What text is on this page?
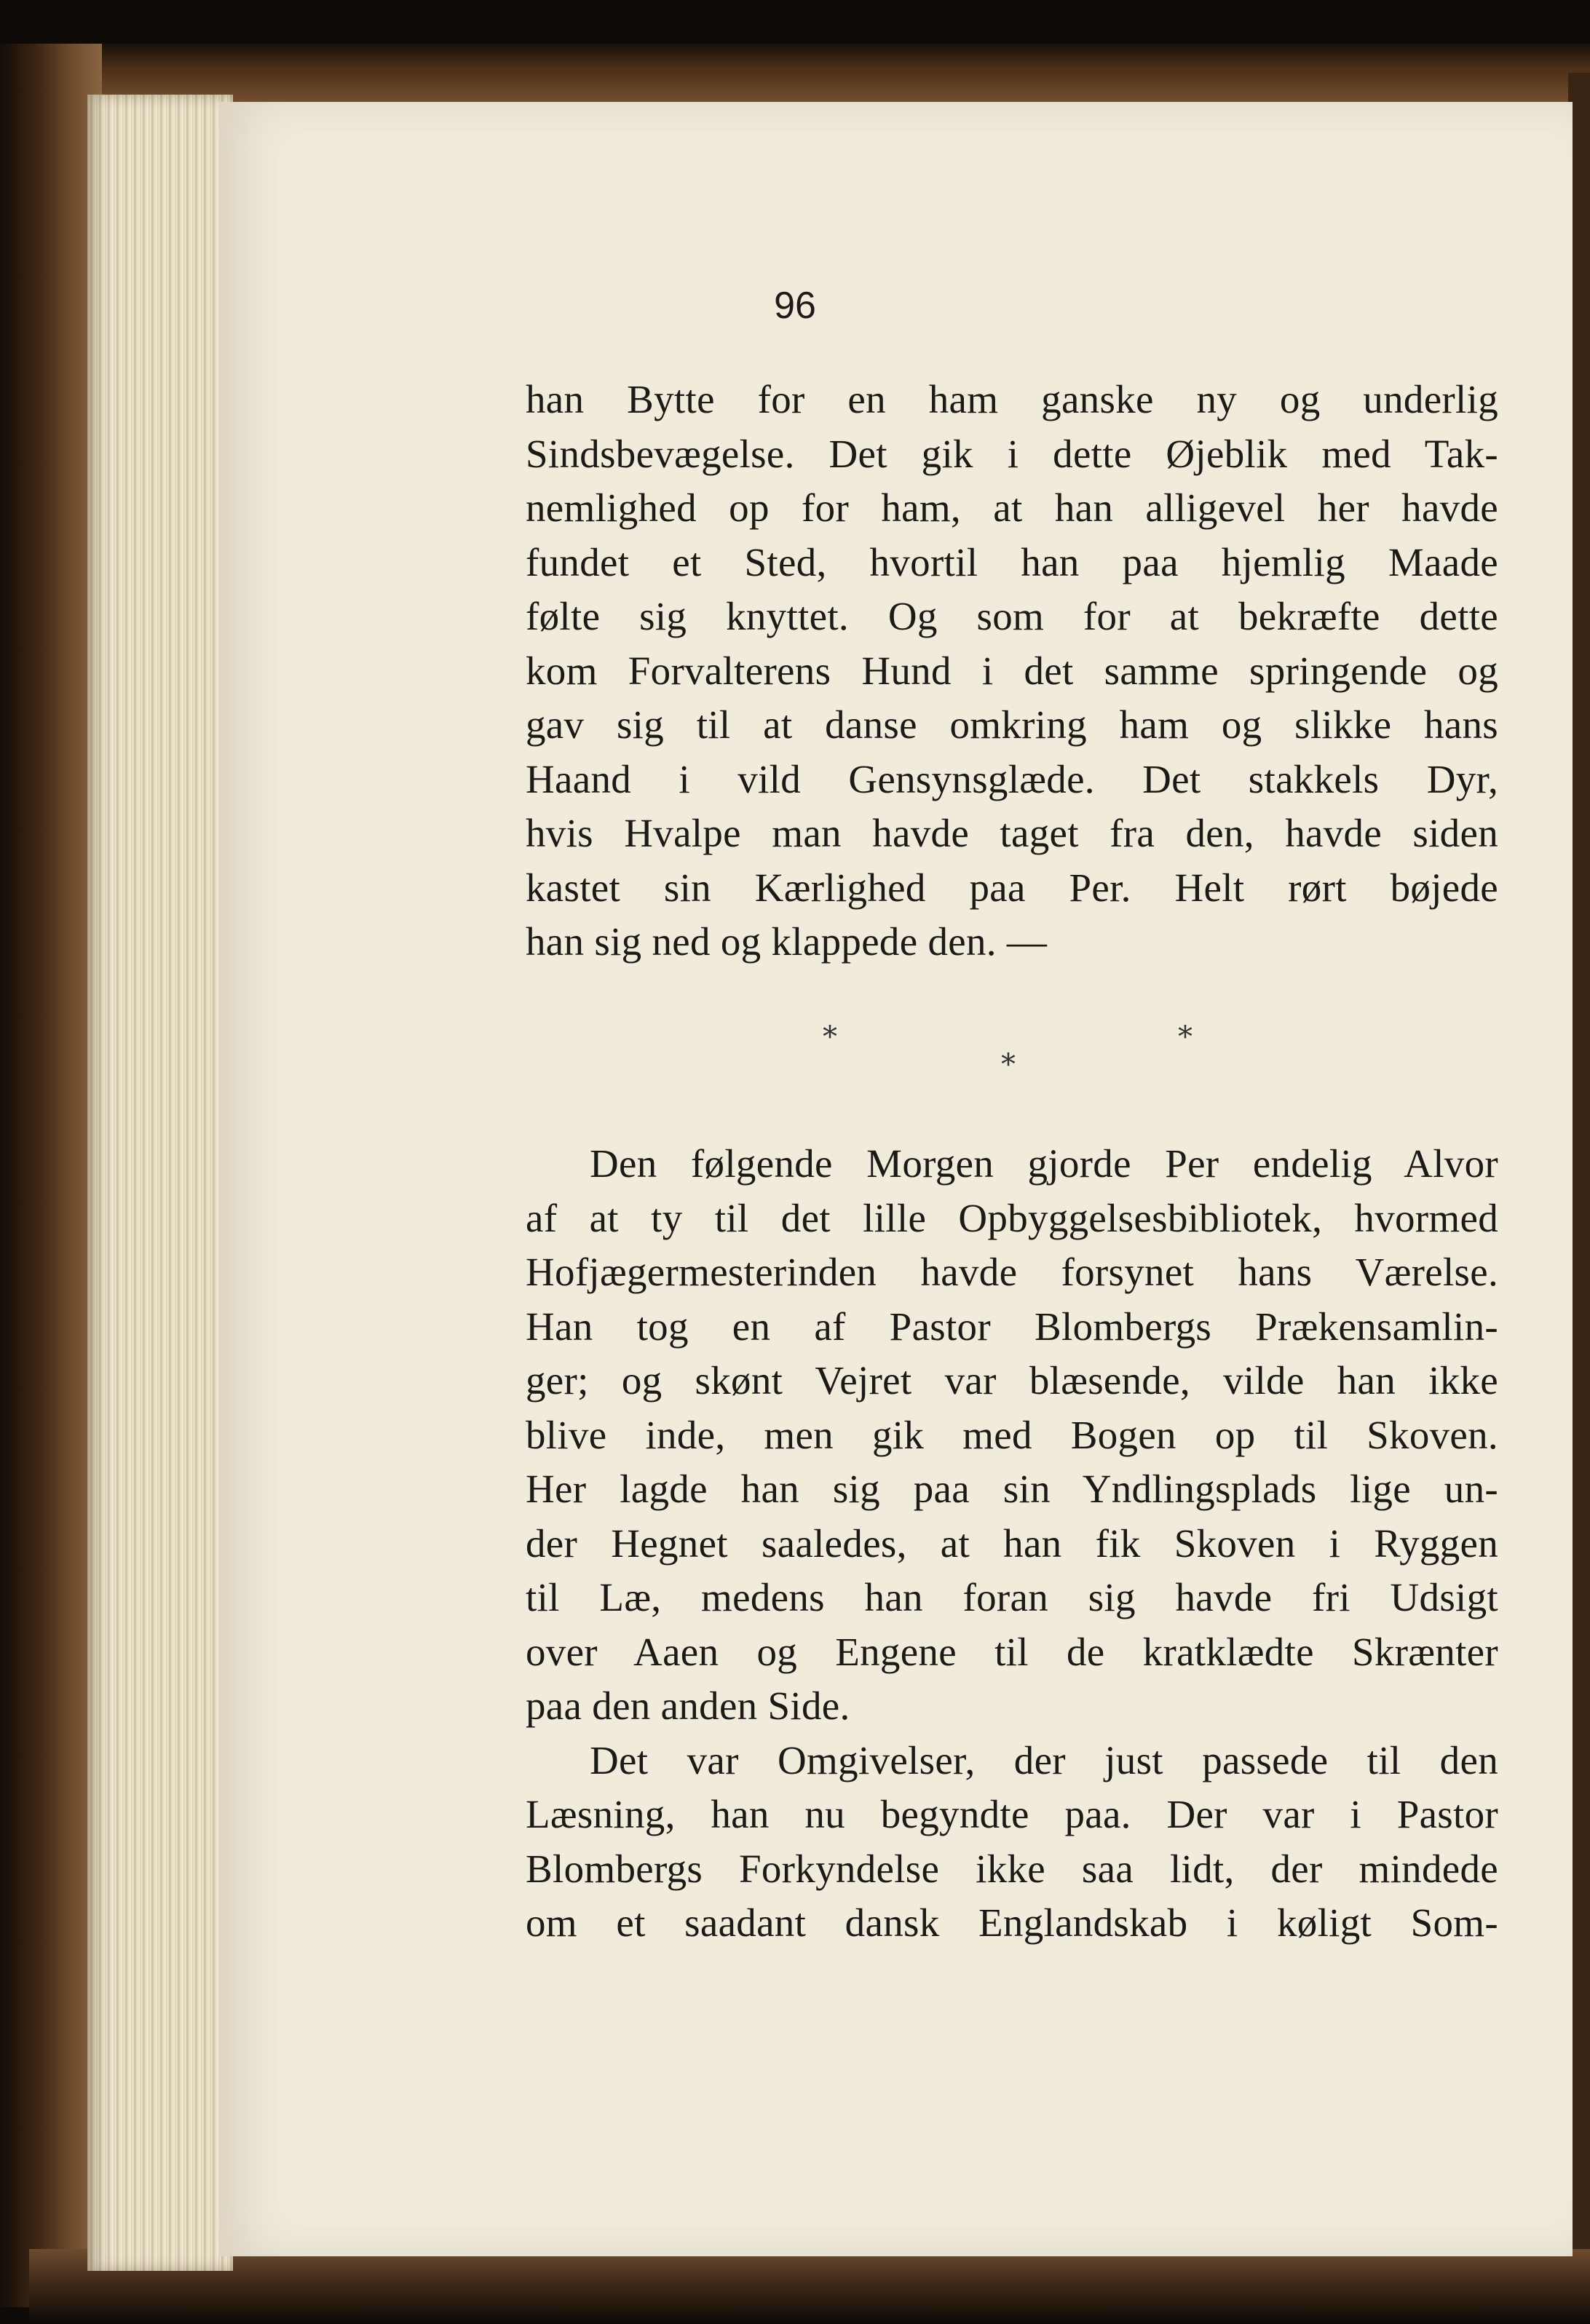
96

han Bytte for en ham ganske ny og underlig
Sindsbevægelse. Det gik i dette Øjeblik med Tak-
nemlighed op for ham, at han alligevel her havde
fundet et Sted, hvortil han paa hjemlig Maade
følte sig knyttet. Og som for at bekræfte dette
kom Forvalterens Hund i det samme springende og
gav sig til at danse omkring ham og slikke hans
Haand i vild Gensynsglæde. Det stakkels Dyr,
hvis Hvalpe man havde taget fra den, havde siden
kastet sin Kærlighed paa Per. Helt rørt bøjede
han sig ned og klappede den. —

*	*
*

Den følgende Morgen gjorde Per endelig Alvor
af at ty til det lille Opbyggelsesbibliotek, hvormed
Hofjægermesterinden havde forsynet hans Værelse.
Han tog en af Pastor Blombergs Prækensamlin-
ger; og skønt Vejret var blæsende, vilde han ikke
blive inde, men gik med Bogen op til Skoven.
Her lagde han sig paa sin Yndlingsplads lige un-
der Hegnet saaledes, at han fik Skoven i Ryggen
til Læ, medens han foran sig havde fri Udsigt
over Aaen og Engene til de kratklædte Skrænter
paa den anden Side.

Det var Omgivelser, der just passede til den
Læsning, han nu begyndte paa. Der var i Pastor
Blombergs Forkyndelse ikke saa lidt, der mindede
om et saadant dansk Englandskab i køligt Som-
